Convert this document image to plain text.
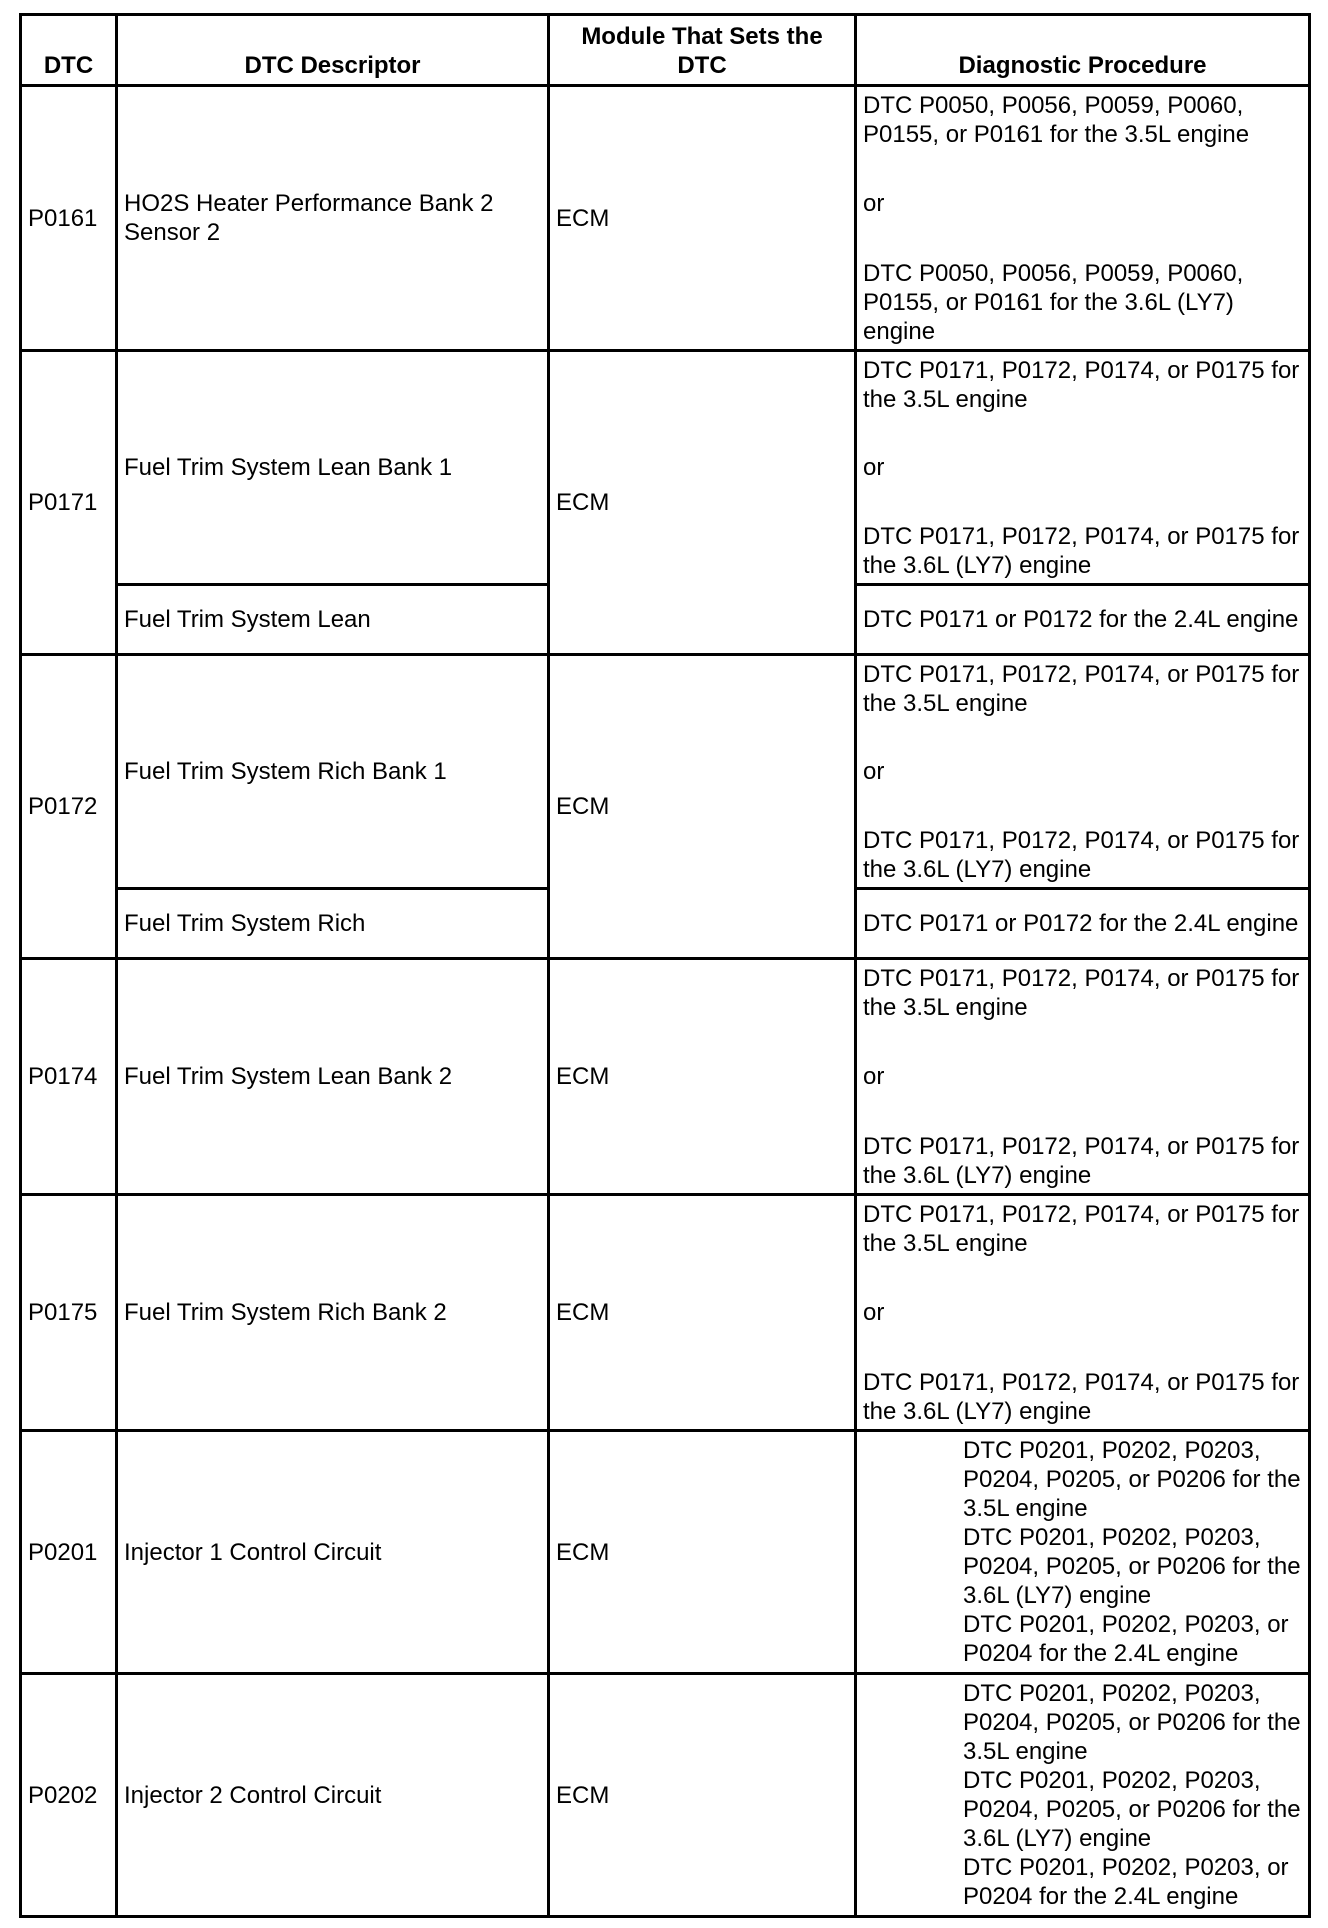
DTC	DTC Descriptor	Module That Sets the DTC	Diagnostic Procedure
P0161	HO2S Heater Performance Bank 2 Sensor 2	ECM	DTC P0050, P0056, P0059, P0060, P0155, or P0161 for the 3.5L engine
or
DTC P0050, P0056, P0059, P0060, P0155, or P0161 for the 3.6L (LY7) engine

P0171	Fuel Trim System Lean Bank 1	ECM	DTC P0171, P0172, P0174, or P0175 for the 3.5L engine
or
DTC P0171, P0172, P0174, or P0175 for the 3.6L (LY7) engine

	Fuel Trim System Lean		DTC P0171 or P0172 for the 2.4L engine
P0172	Fuel Trim System Rich Bank 1	ECM	DTC P0171, P0172, P0174, or P0175 for the 3.5L engine
or
DTC P0171, P0172, P0174, or P0175 for the 3.6L (LY7) engine

	Fuel Trim System Rich		DTC P0171 or P0172 for the 2.4L engine
P0174	Fuel Trim System Lean Bank 2	ECM	DTC P0171, P0172, P0174, or P0175 for the 3.5L engine
or
DTC P0171, P0172, P0174, or P0175 for the 3.6L (LY7) engine

P0175	Fuel Trim System Rich Bank 2	ECM	DTC P0171, P0172, P0174, or P0175 for the 3.5L engine
or
DTC P0171, P0172, P0174, or P0175 for the 3.6L (LY7) engine

P0201	Injector 1 Control Circuit	ECM	DTC P0201, P0202, P0203, P0204, P0205, or P0206 for the 3.5L engine
DTC P0201, P0202, P0203, P0204, P0205, or P0206 for the 3.6L (LY7) engine
DTC P0201, P0202, P0203, or P0204 for the 2.4L engine

P0202	Injector 2 Control Circuit	ECM	DTC P0201, P0202, P0203, P0204, P0205, or P0206 for the 3.5L engine
DTC P0201, P0202, P0203, P0204, P0205, or P0206 for the 3.6L (LY7) engine
DTC P0201, P0202, P0203, or P0204 for the 2.4L engine
